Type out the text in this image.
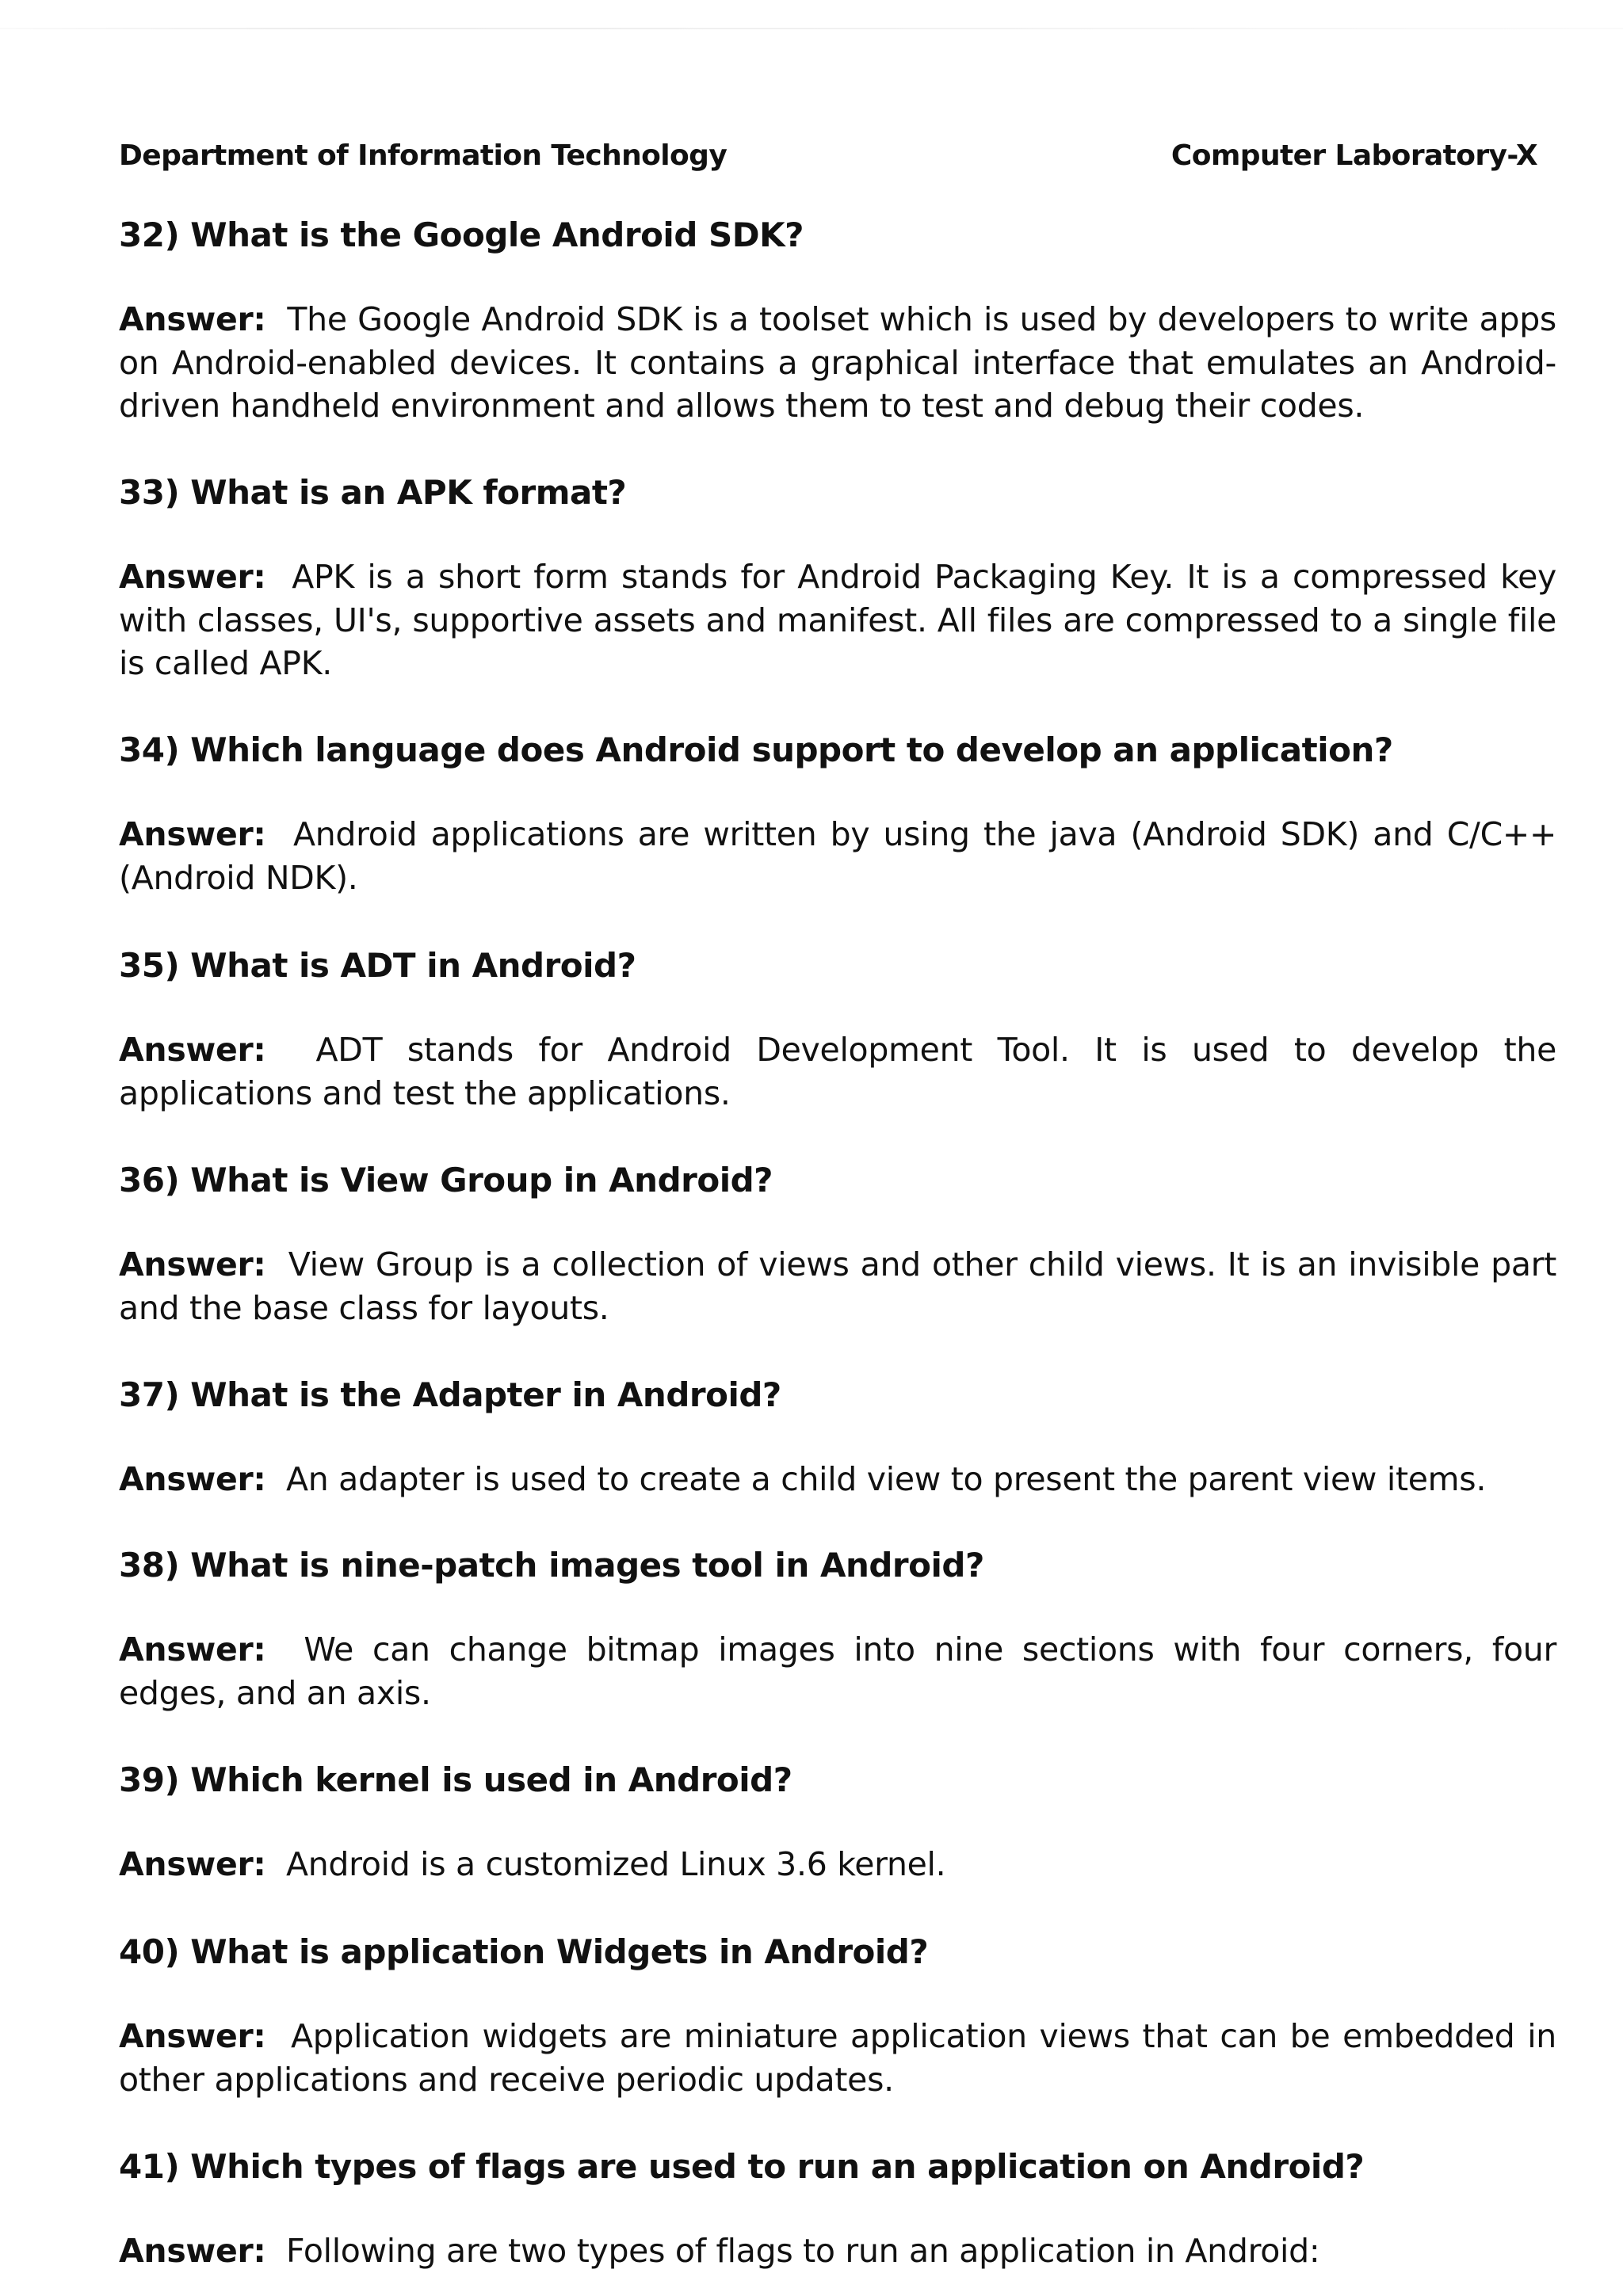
Department of Information Technology	Computer Laboratory-X

32) What is the Google Android SDK?

Answer: The Google Android SDK is a toolset which is used by developers to write apps on Android-enabled devices. It contains a graphical interface that emulates an Android-driven handheld environment and allows them to test and debug their codes.

33) What is an APK format?

Answer: APK is a short form stands for Android Packaging Key. It is a compressed key with classes, UI's, supportive assets and manifest. All files are compressed to a single file is called APK.

34) Which language does Android support to develop an application?

Answer: Android applications are written by using the java (Android SDK) and C/C++ (Android NDK).

35) What is ADT in Android?

Answer: ADT stands for Android Development Tool. It is used to develop the applications and test the applications.

36) What is View Group in Android?

Answer: View Group is a collection of views and other child views. It is an invisible part and the base class for layouts.

37) What is the Adapter in Android?

Answer: An adapter is used to create a child view to present the parent view items.

38) What is nine-patch images tool in Android?

Answer: We can change bitmap images into nine sections with four corners, four edges, and an axis.

39) Which kernel is used in Android?

Answer: Android is a customized Linux 3.6 kernel.

40) What is application Widgets in Android?

Answer: Application widgets are miniature application views that can be embedded in other applications and receive periodic updates.

41) Which types of flags are used to run an application on Android?

Answer: Following are two types of flags to run an application in Android:
